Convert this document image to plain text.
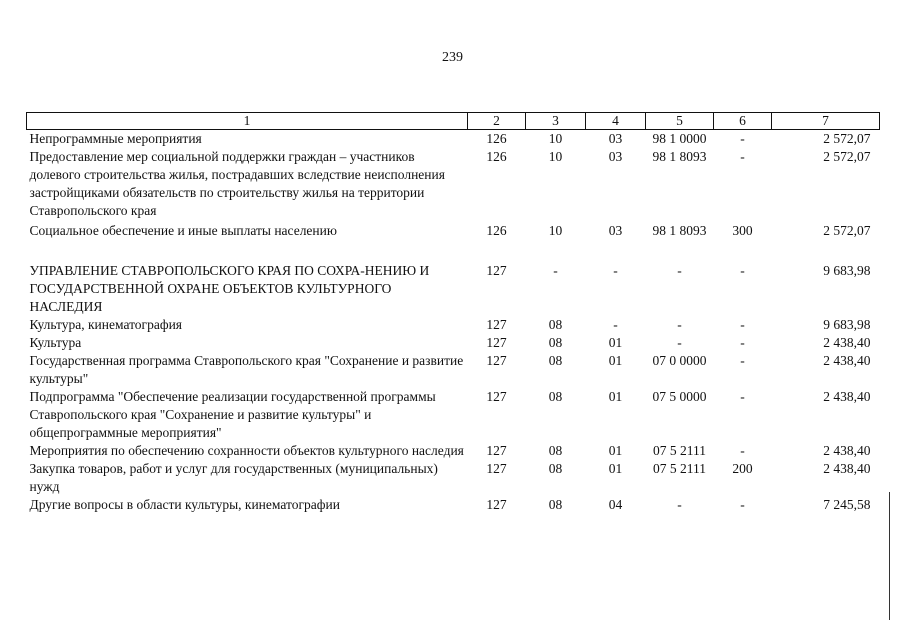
239
1	2	3	4	5	6	7
Непрограммные мероприятия	126	10	03	98 1 0000	-	2 572,07
Предоставление мер социальной поддержки граждан – участников долевого строительства жилья, пострадавших вследствие неисполнения застройщиками обязательств по строительству жилья на территории Ставропольского края	126	10	03	98 1 8093	-	2 572,07
Социальное обеспечение и иные выплаты населению	126	10	03	98 1 8093	300	2 572,07
УПРАВЛЕНИЕ СТАВРОПОЛЬСКОГО КРАЯ ПО СОХРА-НЕНИЮ И ГОСУДАРСТВЕННОЙ ОХРАНЕ ОБЪЕКТОВ КУЛЬТУРНОГО НАСЛЕДИЯ	127	-	-	-	-	9 683,98
Культура, кинематография	127	08	-	-	-	9 683,98
Культура	127	08	01	-	-	2 438,40
Государственная программа Ставропольского края "Сохранение и развитие культуры"	127	08	01	07 0 0000	-	2 438,40
Подпрограмма "Обеспечение реализации государственной программы Ставропольского края "Сохранение и развитие культуры" и общепрограммные мероприятия"	127	08	01	07 5 0000	-	2 438,40
Мероприятия по обеспечению сохранности объектов культурного наследия	127	08	01	07 5 2111	-	2 438,40
Закупка товаров, работ и услуг для государственных (муниципальных) нужд	127	08	01	07 5 2111	200	2 438,40
Другие вопросы в области культуры, кинематографии	127	08	04	-	-	7 245,58
